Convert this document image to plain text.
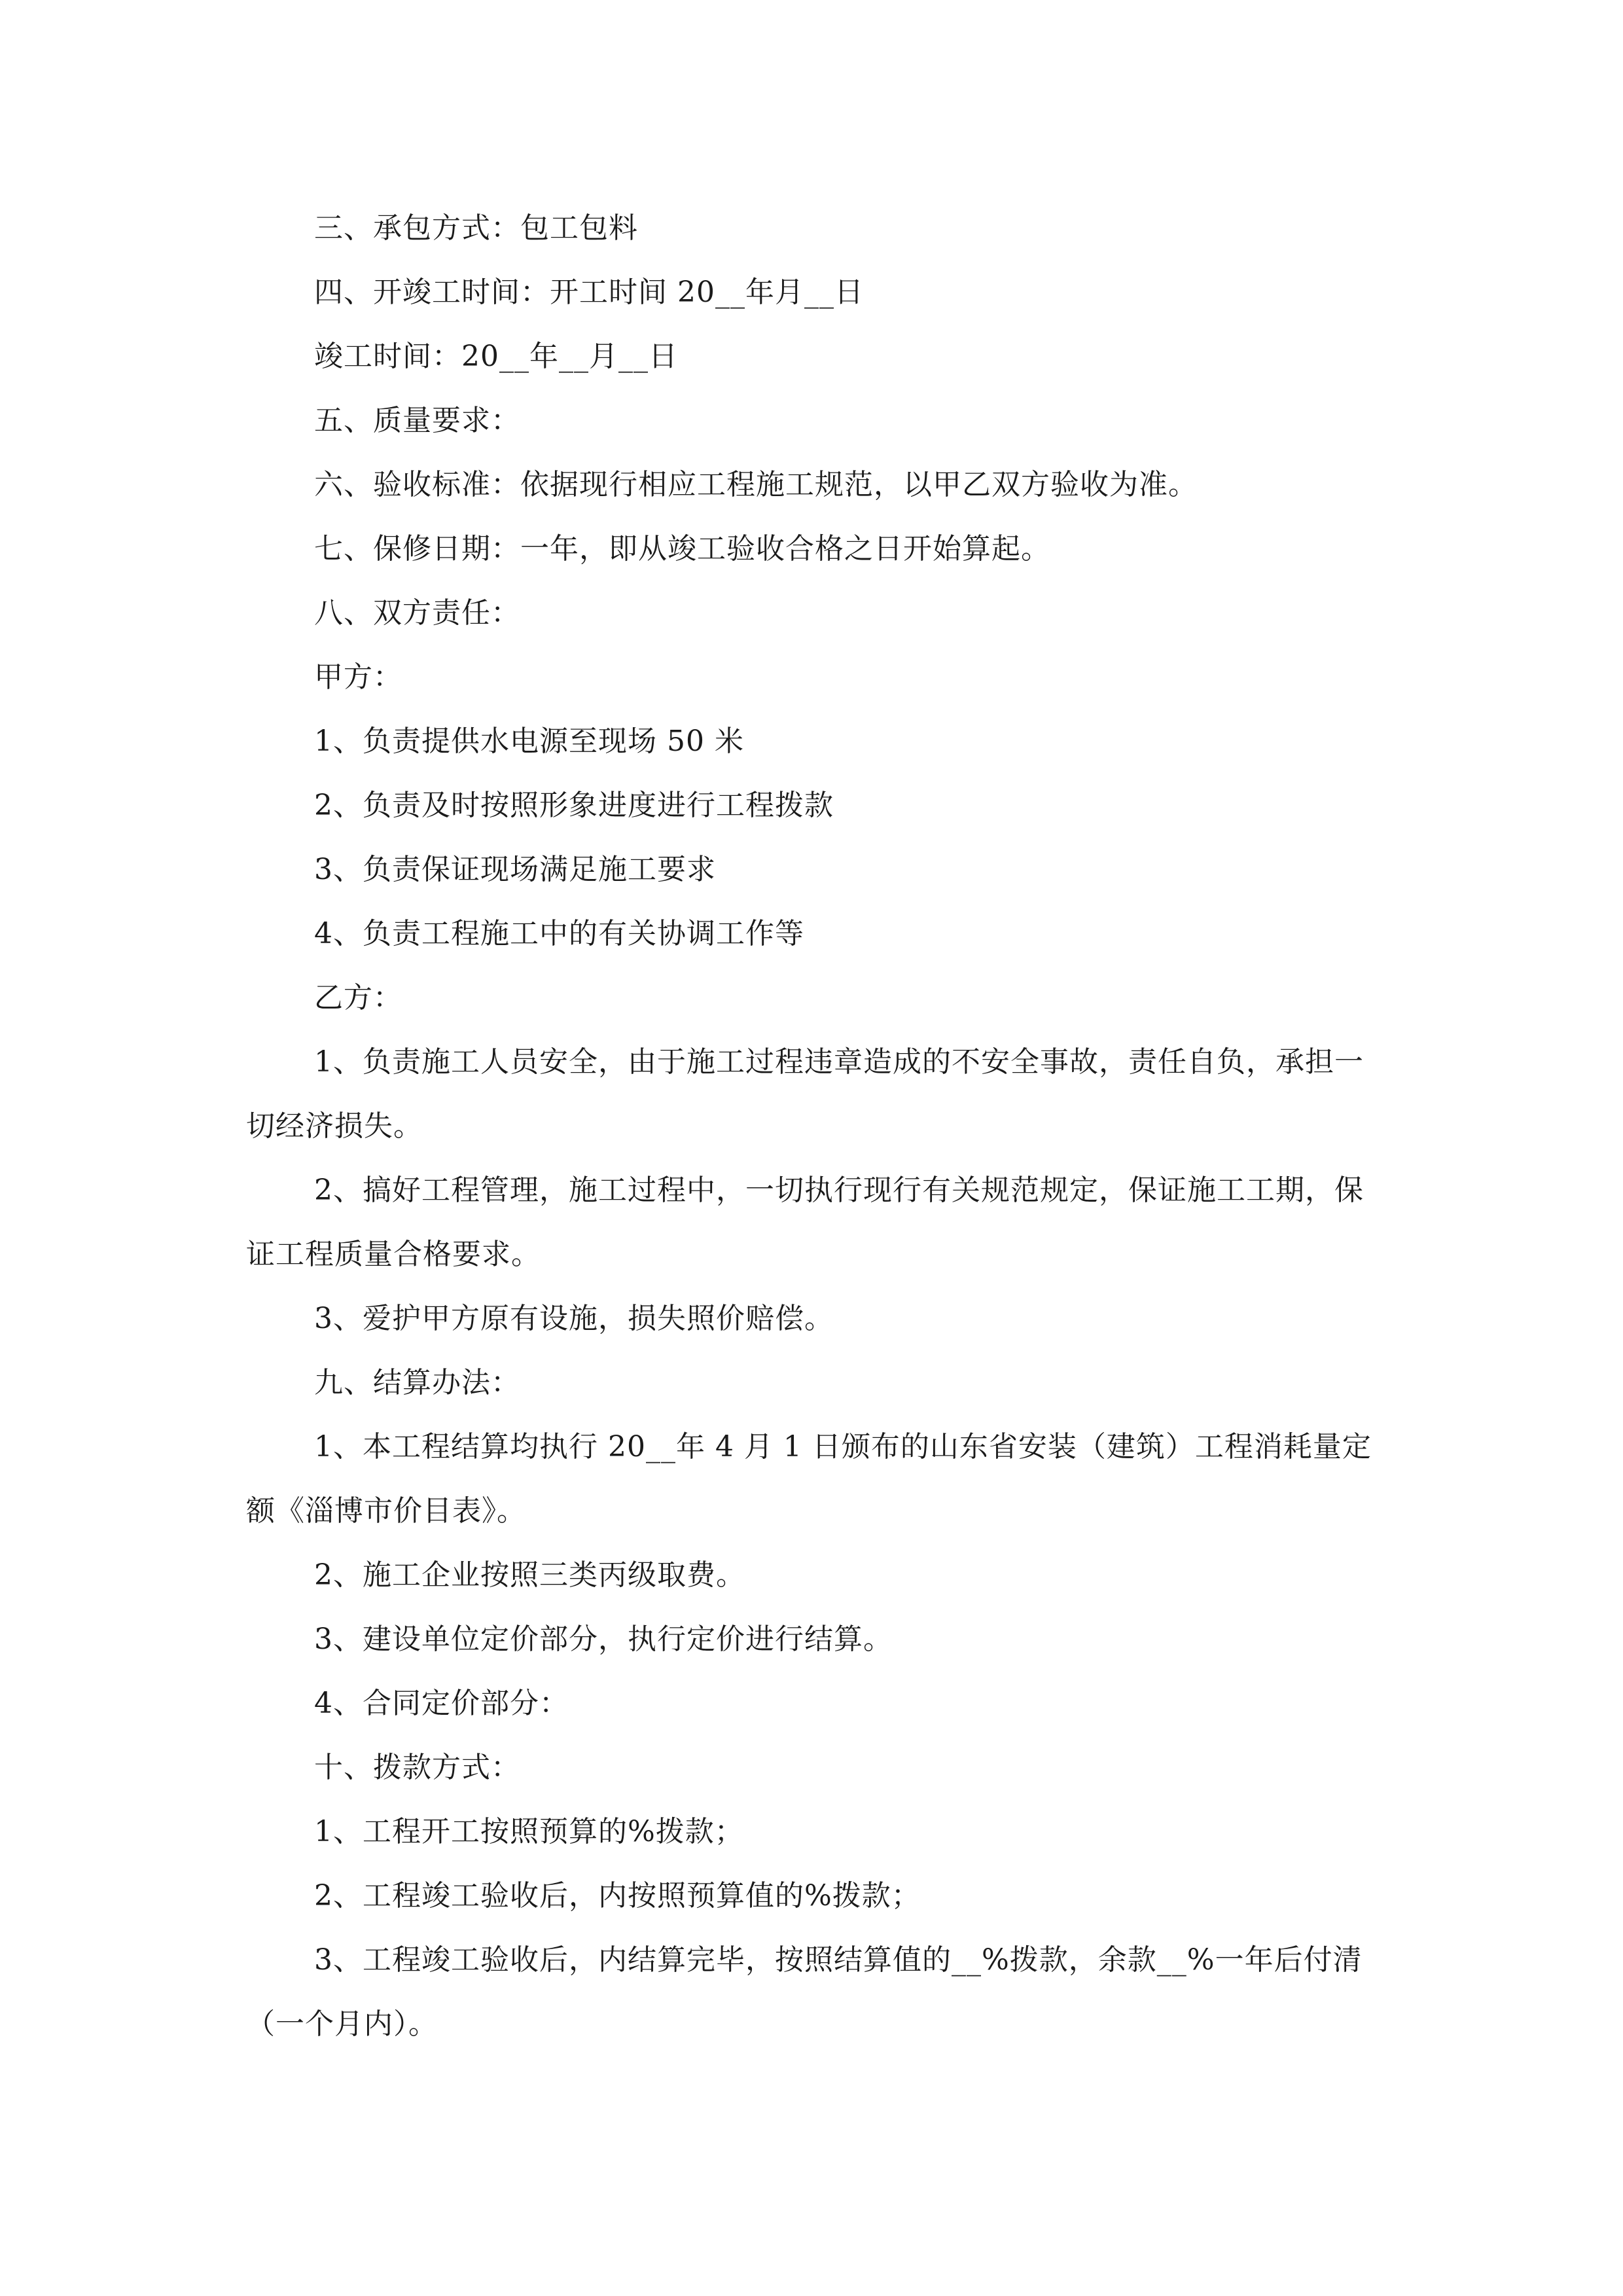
三、承包方式：包工包料

四、开竣工时间：开工时间 20__年月__日

竣工时间：20__年__月__日

五、质量要求：

六、验收标准：依据现行相应工程施工规范，以甲乙双方验收为准。

七、保修日期：一年，即从竣工验收合格之日开始算起。

八、双方责任：

甲方：

1、负责提供水电源至现场 50 米

2、负责及时按照形象进度进行工程拨款

3、负责保证现场满足施工要求

4、负责工程施工中的有关协调工作等

乙方：

1、负责施工人员安全，由于施工过程违章造成的不安全事故，责任自负，承担一切经济损失。

2、搞好工程管理，施工过程中，一切执行现行有关规范规定，保证施工工期，保证工程质量合格要求。

3、爱护甲方原有设施，损失照价赔偿。

九、结算办法：

1、本工程结算均执行 20__年 4 月 1 日颁布的山东省安装（建筑）工程消耗量定额《淄博市价目表》。

2、施工企业按照三类丙级取费。

3、建设单位定价部分，执行定价进行结算。

4、合同定价部分：

十、拨款方式：

1、工程开工按照预算的%拨款；

2、工程竣工验收后，内按照预算值的%拨款；

3、工程竣工验收后，内结算完毕，按照结算值的__%拨款，余款__%一年后付清（一个月内）。
